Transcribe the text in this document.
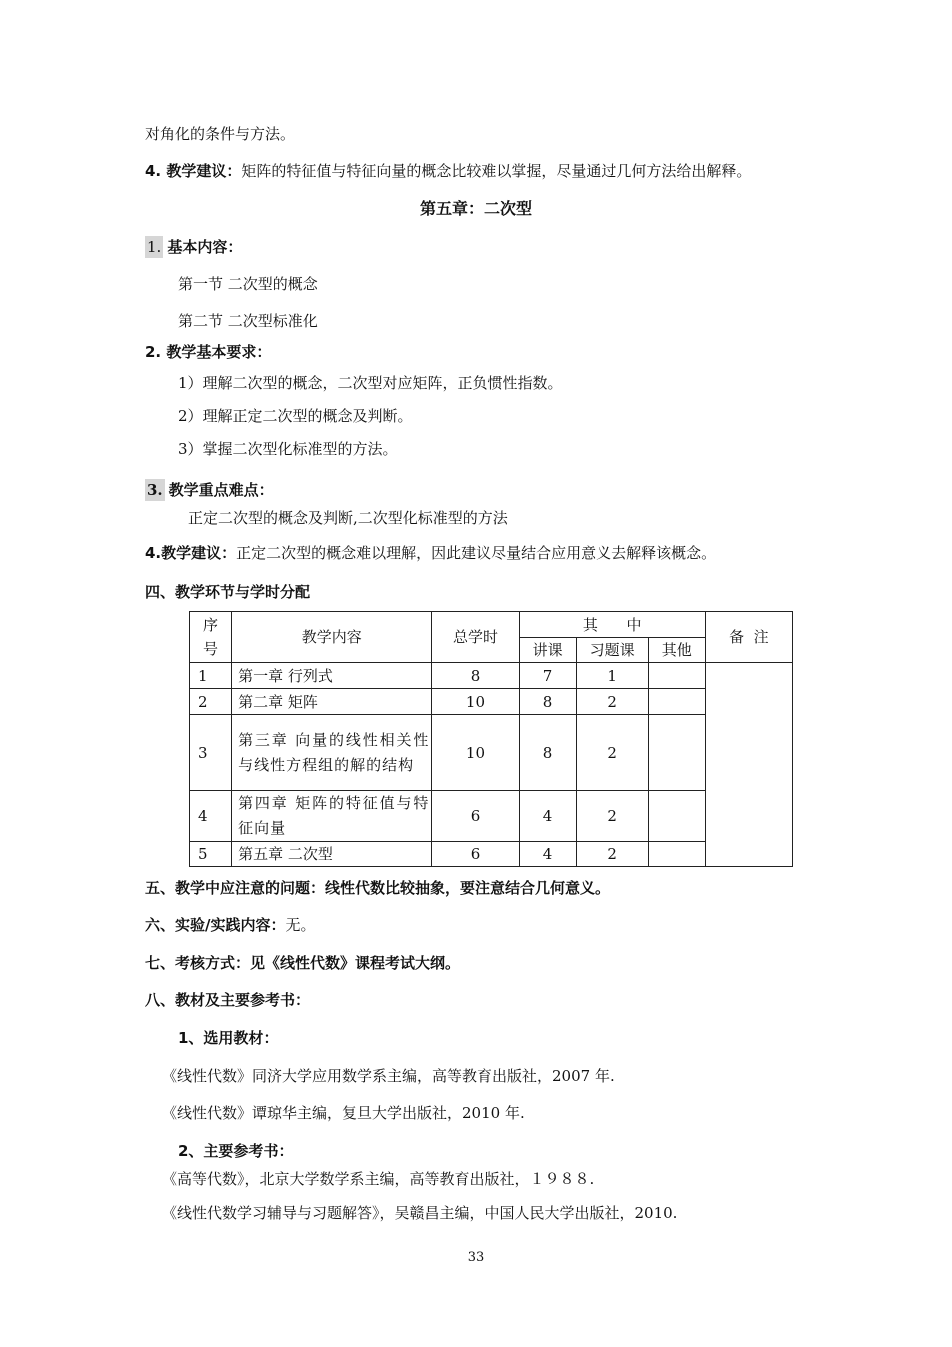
对角化的条件与方法。
4. 教学建议：矩阵的特征值与特征向量的概念比较难以掌握，尽量通过几何方法给出解释。
第五章：二次型
1. 基本内容：
第一节 二次型的概念
第二节 二次型标准化
2. 教学基本要求：
1）理解二次型的概念，二次型对应矩阵，正负惯性指数。
2）理解正定二次型的概念及判断。
3）掌握二次型化标准型的方法。
3. 教学重点难点：
正定二次型的概念及判断,二次型化标准型的方法
4.教学建议：正定二次型的概念难以理解，因此建议尽量结合应用意义去解释该概念。
四、教学环节与学时分配
序
号	教学内容	总学时	其      中			备  注
			讲课	习题课	其他	
1	第一章 行列式	8	7	1		
2	第二章 矩阵	10	8	2		
3	第三章 向量的线性相关性与线性方程组的解的结构	10	8	2		
4	第四章 矩阵的特征值与特征向量	6	4	2		
5	第五章 二次型	6	4	2		
五、教学中应注意的问题：线性代数比较抽象，要注意结合几何意义。
六、实验/实践内容：无。
七、考核方式：见《线性代数》课程考试大纲。
八、教材及主要参考书：
1、选用教材：
《线性代数》同济大学应用数学系主编，高等教育出版社，2007 年.
《线性代数》谭琼华主编，复旦大学出版社，2010 年.
2、主要参考书：
《高等代数》，北京大学数学系主编，高等教育出版社，１９８８.
《线性代数学习辅导与习题解答》，吴赣昌主编，中国人民大学出版社，2010.
33
